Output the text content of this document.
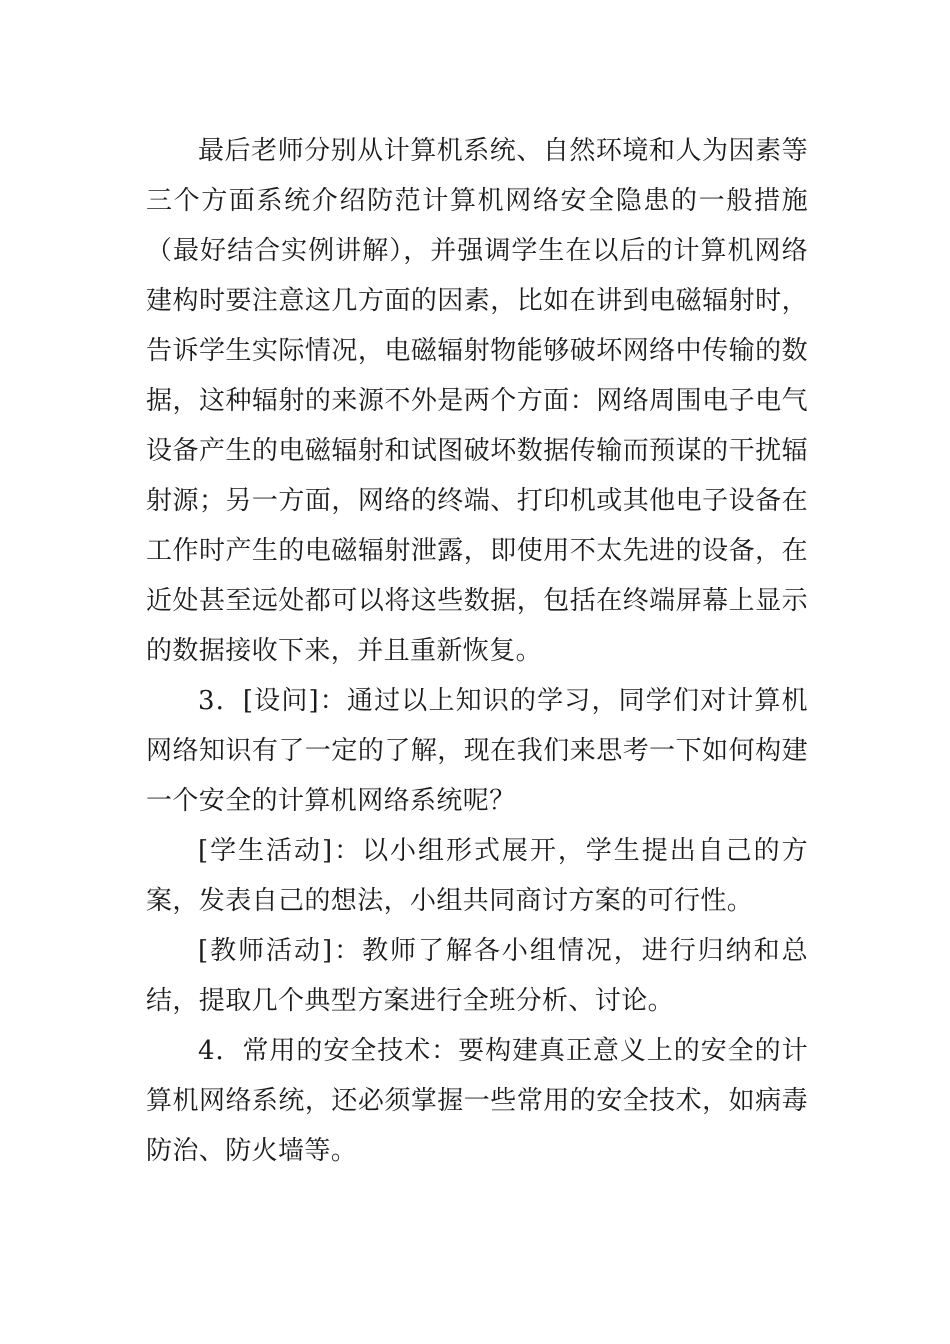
最后老师分别从计算机系统、自然环境和人为因素等三个方面系统介绍防范计算机网络安全隐患的一般措施（最好结合实例讲解），并强调学生在以后的计算机网络建构时要注意这几方面的因素，比如在讲到电磁辐射时，告诉学生实际情况，电磁辐射物能够破坏网络中传输的数据，这种辐射的来源不外是两个方面：网络周围电子电气设备产生的电磁辐射和试图破坏数据传输而预谋的干扰辐射源；另一方面，网络的终端、打印机或其他电子设备在工作时产生的电磁辐射泄露，即使用不太先进的设备，在近处甚至远处都可以将这些数据，包括在终端屏幕上显示的数据接收下来，并且重新恢复。

3．[设问]：通过以上知识的学习，同学们对计算机网络知识有了一定的了解，现在我们来思考一下如何构建一个安全的计算机网络系统呢？

[学生活动]：以小组形式展开，学生提出自己的方案，发表自己的想法，小组共同商讨方案的可行性。

[教师活动]：教师了解各小组情况，进行归纳和总结，提取几个典型方案进行全班分析、讨论。

4．常用的安全技术：要构建真正意义上的安全的计算机网络系统，还必须掌握一些常用的安全技术，如病毒防治、防火墙等。
